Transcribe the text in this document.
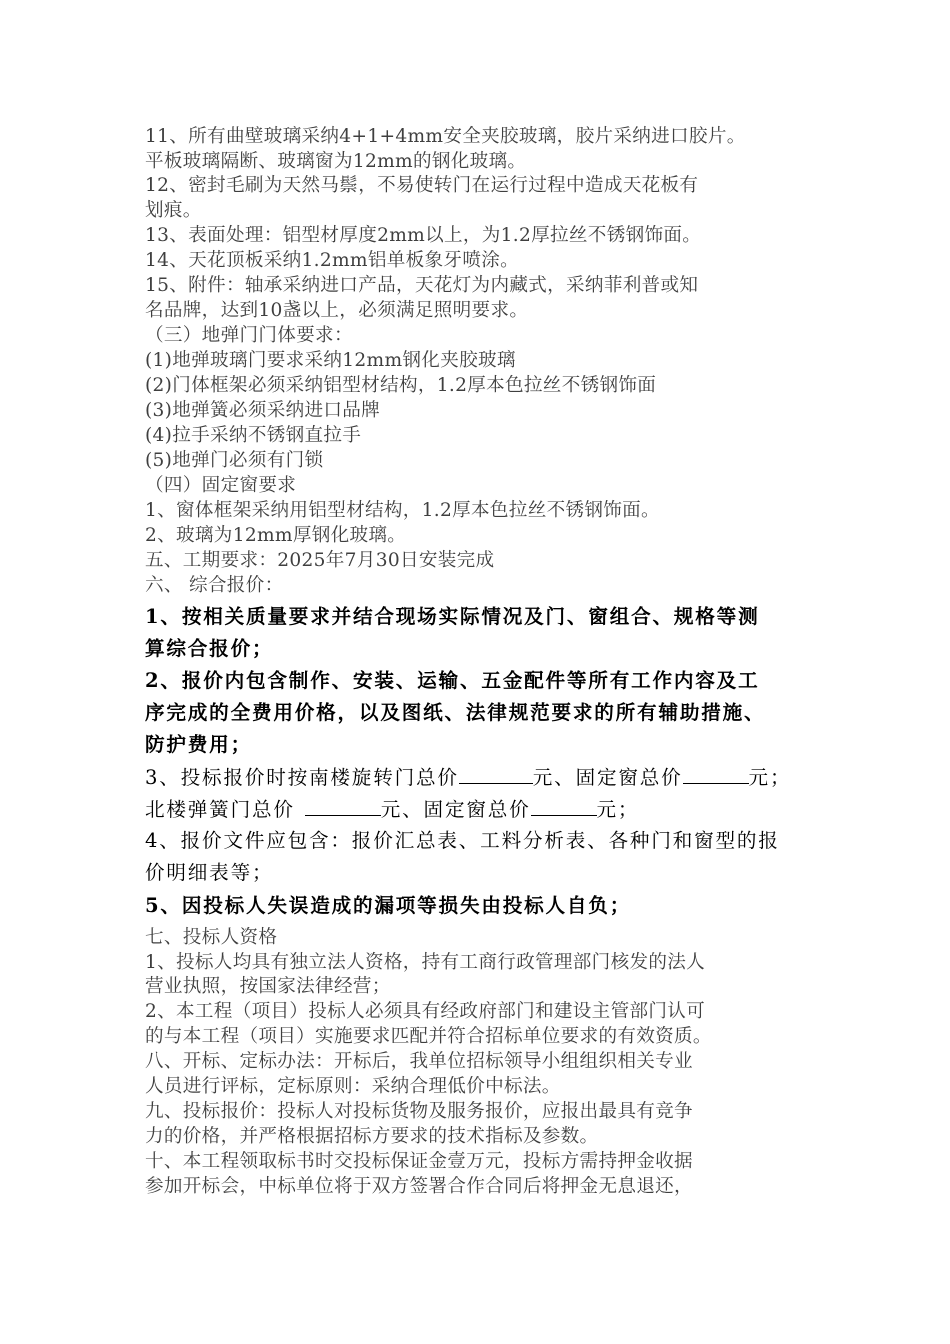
11、所有曲壁玻璃采纳4+1+4mm安全夹胶玻璃，胶片采纳进口胶片。

平板玻璃隔断、玻璃窗为12mm的钢化玻璃。

12、密封毛刷为天然马鬃，不易使转门在运行过程中造成天花板有

划痕。

13、表面处理：铝型材厚度2mm以上，为1.2厚拉丝不锈钢饰面。

14、天花顶板采纳1.2mm铝单板象牙喷涂。

15、附件：轴承采纳进口产品，天花灯为内藏式，采纳菲利普或知

名品牌，达到10盏以上，必须满足照明要求。

（三）地弹门门体要求：

(1)地弹玻璃门要求采纳12mm钢化夹胶玻璃

(2)门体框架必须采纳铝型材结构，1.2厚本色拉丝不锈钢饰面

(3)地弹簧必须采纳进口品牌

(4)拉手采纳不锈钢直拉手

(5)地弹门必须有门锁

（四）固定窗要求

1、窗体框架采纳用铝型材结构，1.2厚本色拉丝不锈钢饰面。

2、玻璃为12mm厚钢化玻璃。

五、工期要求：2025年7月30日安装完成

六、 综合报价：

1、按相关质量要求并结合现场实际情况及门、窗组合、规格等测

算综合报价；

2、报价内包含制作、安装、运输、五金配件等所有工作内容及工

序完成的全费用价格，以及图纸、法律规范要求的所有辅助措施、

防护费用；

3、投标报价时按南楼旋转门总价	元、固定窗总价	元；

北楼弹簧门总价	元、固定窗总价	元；

4、报价文件应包含：报价汇总表、工料分析表、各种门和窗型的报

价明细表等；

5、因投标人失误造成的漏项等损失由投标人自负；

七、投标人资格

1、投标人均具有独立法人资格，持有工商行政管理部门核发的法人

营业执照，按国家法律经营；

2、本工程（项目）投标人必须具有经政府部门和建设主管部门认可

的与本工程（项目）实施要求匹配并符合招标单位要求的有效资质。

八、开标、定标办法：开标后，我单位招标领导小组组织相关专业

人员进行评标，定标原则：采纳合理低价中标法。

九、投标报价：投标人对投标货物及服务报价，应报出最具有竞争

力的价格，并严格根据招标方要求的技术指标及参数。

十、本工程领取标书时交投标保证金壹万元，投标方需持押金收据

参加开标会，中标单位将于双方签署合作合同后将押金无息退还，
